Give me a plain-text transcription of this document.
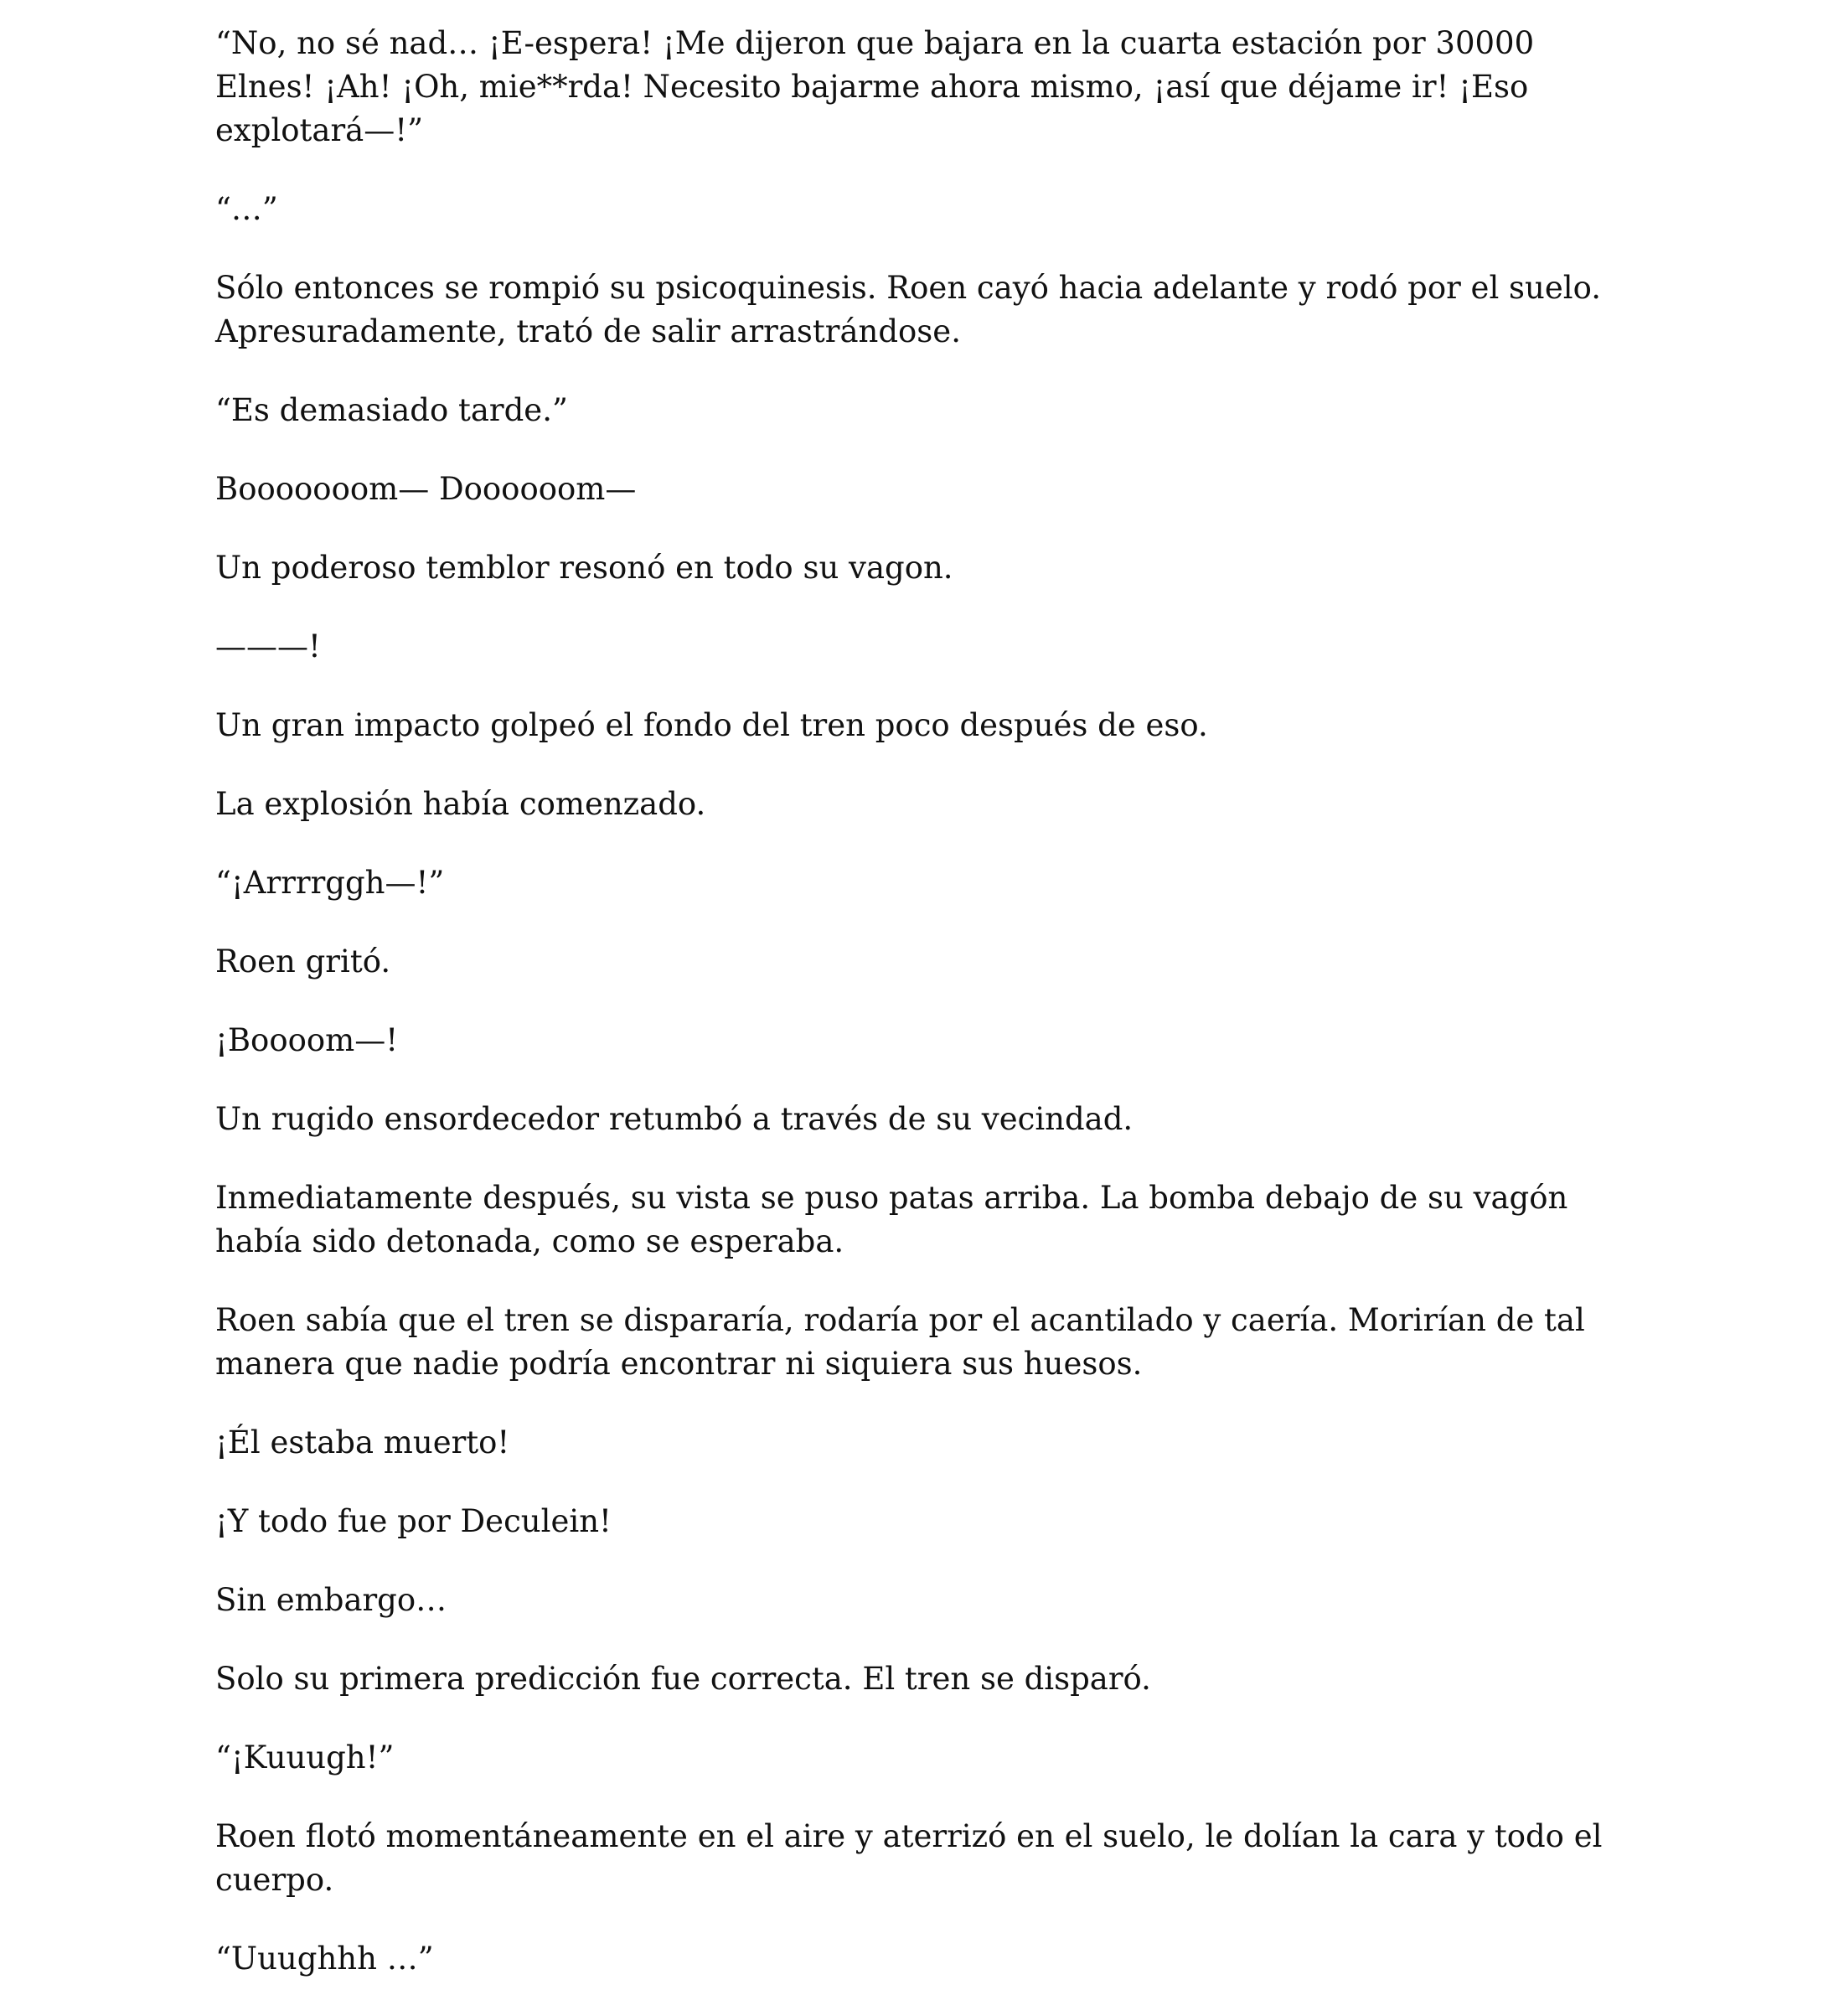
“No, no sé nad… ¡E-espera! ¡Me dijeron que bajara en la cuarta estación por 30000 Elnes! ¡Ah! ¡Oh, mie**rda! Necesito bajarme ahora mismo, ¡así que déjame ir! ¡Eso explotará—!”

“…”

Sólo entonces se rompió su psicoquinesis. Roen cayó hacia adelante y rodó por el suelo. Apresuradamente, trató de salir arrastrándose.

“Es demasiado tarde.”

Booooooom— Doooooom—

Un poderoso temblor resonó en todo su vagon.

———!

Un gran impacto golpeó el fondo del tren poco después de eso.

La explosión había comenzado.

“¡Arrrrggh—!”

Roen gritó.

¡Boooom—!

Un rugido ensordecedor retumbó a través de su vecindad.

Inmediatamente después, su vista se puso patas arriba. La bomba debajo de su vagón había sido detonada, como se esperaba.

Roen sabía que el tren se dispararía, rodaría por el acantilado y caería. Morirían de tal manera que nadie podría encontrar ni siquiera sus huesos.

¡Él estaba muerto!

¡Y todo fue por Deculein!

Sin embargo…

Solo su primera predicción fue correcta. El tren se disparó.

“¡Kuuugh!”

Roen flotó momentáneamente en el aire y aterrizó en el suelo, le dolían la cara y todo el cuerpo.

“Uuughhh …”
